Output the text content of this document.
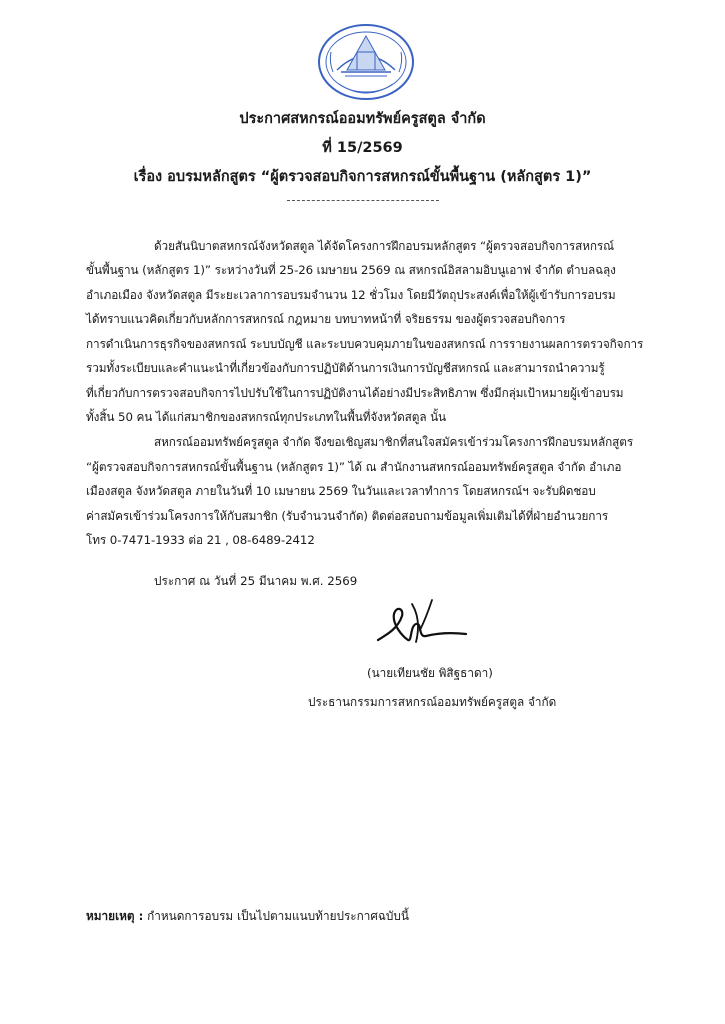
ประกาศสหกรณ์ออมทรัพย์ครูสตูล จำกัด
ที่ 15/2569
เรื่อง อบรมหลักสูตร “ผู้ตรวจสอบกิจการสหกรณ์ขั้นพื้นฐาน (หลักสูตร 1)”
ด้วยสันนิบาตสหกรณ์จังหวัดสตูล ได้จัดโครงการฝึกอบรมหลักสูตร “ผู้ตรวจสอบกิจการสหกรณ์
ขั้นพื้นฐาน (หลักสูตร 1)” ระหว่างวันที่ 25-26 เมษายน 2569 ณ สหกรณ์อิสลามอิบนูเอาฟ จำกัด ตำบลฉลุง
อำเภอเมือง จังหวัดสตูล มีระยะเวลาการอบรมจำนวน 12 ชั่วโมง โดยมีวัตถุประสงค์เพื่อให้ผู้เข้ารับการอบรม
ได้ทราบแนวคิดเกี่ยวกับหลักการสหกรณ์ กฎหมาย บทบาทหน้าที่ จริยธรรม ของผู้ตรวจสอบกิจการ
การดำเนินการธุรกิจของสหกรณ์ ระบบบัญชี และระบบควบคุมภายในของสหกรณ์ การรายงานผลการตรวจกิจการ
รวมทั้งระเบียบและคำแนะนำที่เกี่ยวข้องกับการปฏิบัติด้านการเงินการบัญชีสหกรณ์ และสามารถนำความรู้
ที่เกี่ยวกับการตรวจสอบกิจการไปปรับใช้ในการปฏิบัติงานได้อย่างมีประสิทธิภาพ ซึ่งมีกลุ่มเป้าหมายผู้เข้าอบรม
ทั้งสิ้น 50 คน ได้แก่สมาชิกของสหกรณ์ทุกประเภทในพื้นที่จังหวัดสตูล นั้น
สหกรณ์ออมทรัพย์ครูสตูล จำกัด จึงขอเชิญสมาชิกที่สนใจสมัครเข้าร่วมโครงการฝึกอบรมหลักสูตร
“ผู้ตรวจสอบกิจการสหกรณ์ขั้นพื้นฐาน (หลักสูตร 1)” ได้ ณ สำนักงานสหกรณ์ออมทรัพย์ครูสตูล จำกัด อำเภอ
เมืองสตูล จังหวัดสตูล ภายในวันที่ 10 เมษายน 2569 ในวันและเวลาทำการ โดยสหกรณ์ฯ จะรับผิดชอบ
ค่าสมัครเข้าร่วมโครงการให้กับสมาชิก (รับจำนวนจำกัด) ติดต่อสอบถามข้อมูลเพิ่มเติมได้ที่ฝ่ายอำนวยการ
โทร 0-7471-1933 ต่อ 21 , 08-6489-2412
ประกาศ ณ วันที่ 25 มีนาคม พ.ศ. 2569
(นายเทียนชัย พิสิฐธาดา)
ประธานกรรมการสหกรณ์ออมทรัพย์ครูสตูล จำกัด
หมายเหตุ : กำหนดการอบรม เป็นไปตามแนบท้ายประกาศฉบับนี้
